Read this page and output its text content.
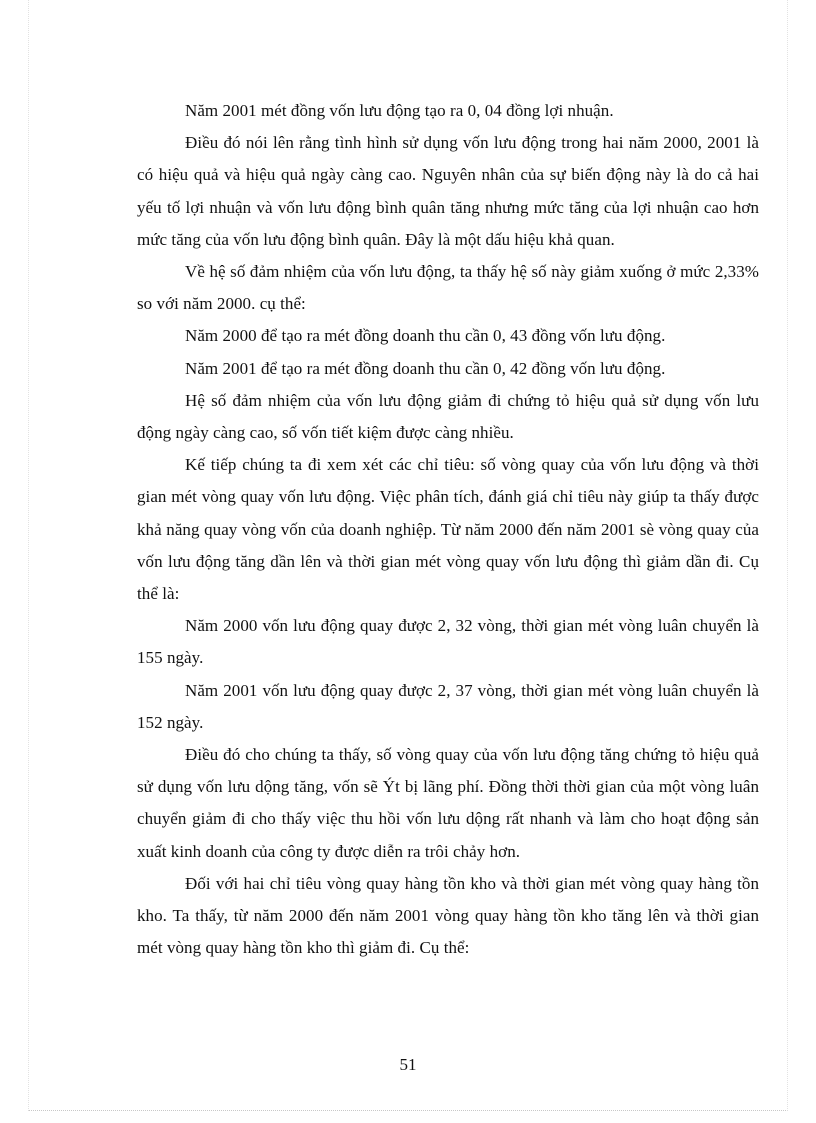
Năm 2001 mét đồng vốn lưu động tạo ra 0, 04 đồng lợi nhuận.

Điều đó nói lên rằng tình hình sử dụng vốn lưu động trong hai năm 2000, 2001 là có hiệu quả và hiệu quả ngày càng cao. Nguyên nhân của sự biến động này là do cả hai yếu tố lợi nhuận và vốn lưu động bình quân tăng nhưng mức tăng của lợi nhuận cao hơn mức tăng của vốn lưu động bình quân. Đây là một dấu hiệu khả quan.

Về hệ số đảm nhiệm của vốn lưu động, ta thấy hệ số này giảm xuống ở mức 2,33% so với năm 2000. cụ thể:

Năm 2000 để tạo ra mét đồng doanh thu cần 0, 43 đồng vốn lưu động.

Năm 2001 để tạo ra mét đồng doanh thu cần 0, 42 đồng vốn lưu động.

Hệ số đảm nhiệm của vốn lưu động giảm đi chứng tỏ hiệu quả sử dụng vốn lưu động ngày càng cao, số vốn tiết kiệm được càng nhiều.

Kế tiếp chúng ta đi xem xét các chỉ tiêu: số vòng quay của vốn lưu động và thời gian mét vòng quay vốn lưu động. Việc phân tích, đánh giá chỉ tiêu này giúp ta thấy được khả năng quay vòng vốn của doanh nghiệp. Từ năm 2000 đến năm 2001 sè vòng quay của vốn lưu động tăng dần lên và thời gian mét vòng quay vốn lưu động thì giảm dần đi. Cụ thể là:

Năm 2000 vốn lưu động quay được 2, 32 vòng, thời gian mét vòng luân chuyển là 155 ngày.

Năm 2001 vốn lưu động quay được 2, 37 vòng, thời gian mét vòng luân chuyển là 152 ngày.

Điều đó cho chúng ta thấy, số vòng quay của vốn lưu động tăng chứng tỏ hiệu quả sử dụng vốn lưu dộng tăng, vốn sẽ Ýt bị lãng phí. Đồng thời thời gian của một vòng luân chuyển giảm đi cho thấy việc thu hồi vốn lưu dộng rất nhanh và làm cho hoạt động sản xuất kinh doanh của công ty được diễn ra trôi chảy hơn.

Đối với hai chỉ tiêu vòng quay hàng tồn kho và thời gian mét vòng quay hàng tồn kho. Ta thấy, từ năm 2000 đến năm 2001 vòng quay hàng tồn kho tăng lên và thời gian mét vòng quay hàng tồn kho thì giảm đi. Cụ thể:

51
